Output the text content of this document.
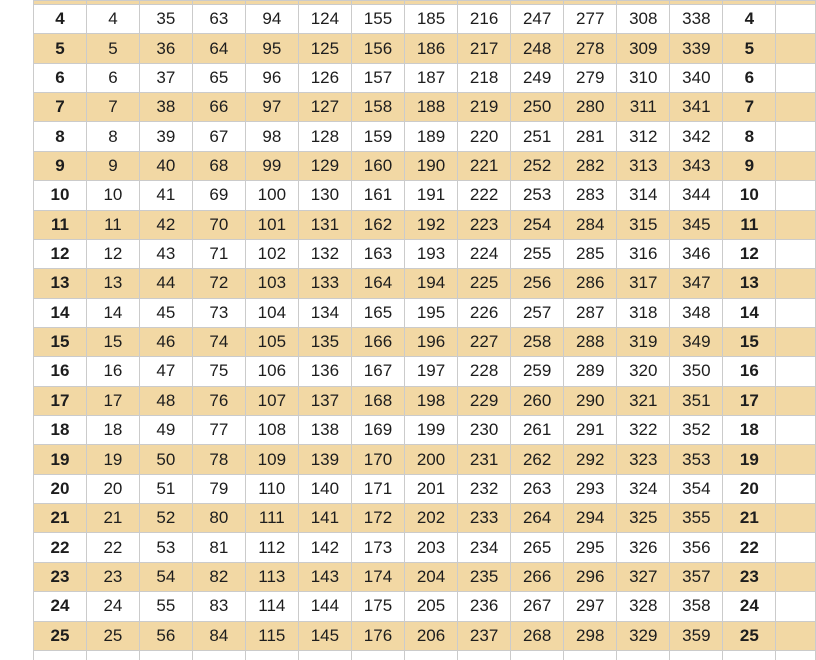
4	4	35	63	94	124	155	185	216	247	277	308	338	4	
5	5	36	64	95	125	156	186	217	248	278	309	339	5	
6	6	37	65	96	126	157	187	218	249	279	310	340	6	
7	7	38	66	97	127	158	188	219	250	280	311	341	7	
8	8	39	67	98	128	159	189	220	251	281	312	342	8	
9	9	40	68	99	129	160	190	221	252	282	313	343	9	
10	10	41	69	100	130	161	191	222	253	283	314	344	10	
11	11	42	70	101	131	162	192	223	254	284	315	345	11	
12	12	43	71	102	132	163	193	224	255	285	316	346	12	
13	13	44	72	103	133	164	194	225	256	286	317	347	13	
14	14	45	73	104	134	165	195	226	257	287	318	348	14	
15	15	46	74	105	135	166	196	227	258	288	319	349	15	
16	16	47	75	106	136	167	197	228	259	289	320	350	16	
17	17	48	76	107	137	168	198	229	260	290	321	351	17	
18	18	49	77	108	138	169	199	230	261	291	322	352	18	
19	19	50	78	109	139	170	200	231	262	292	323	353	19	
20	20	51	79	110	140	171	201	232	263	293	324	354	20	
21	21	52	80	111	141	172	202	233	264	294	325	355	21	
22	22	53	81	112	142	173	203	234	265	295	326	356	22	
23	23	54	82	113	143	174	204	235	266	296	327	357	23	
24	24	55	83	114	144	175	205	236	267	297	328	358	24	
25	25	56	84	115	145	176	206	237	268	298	329	359	25	
